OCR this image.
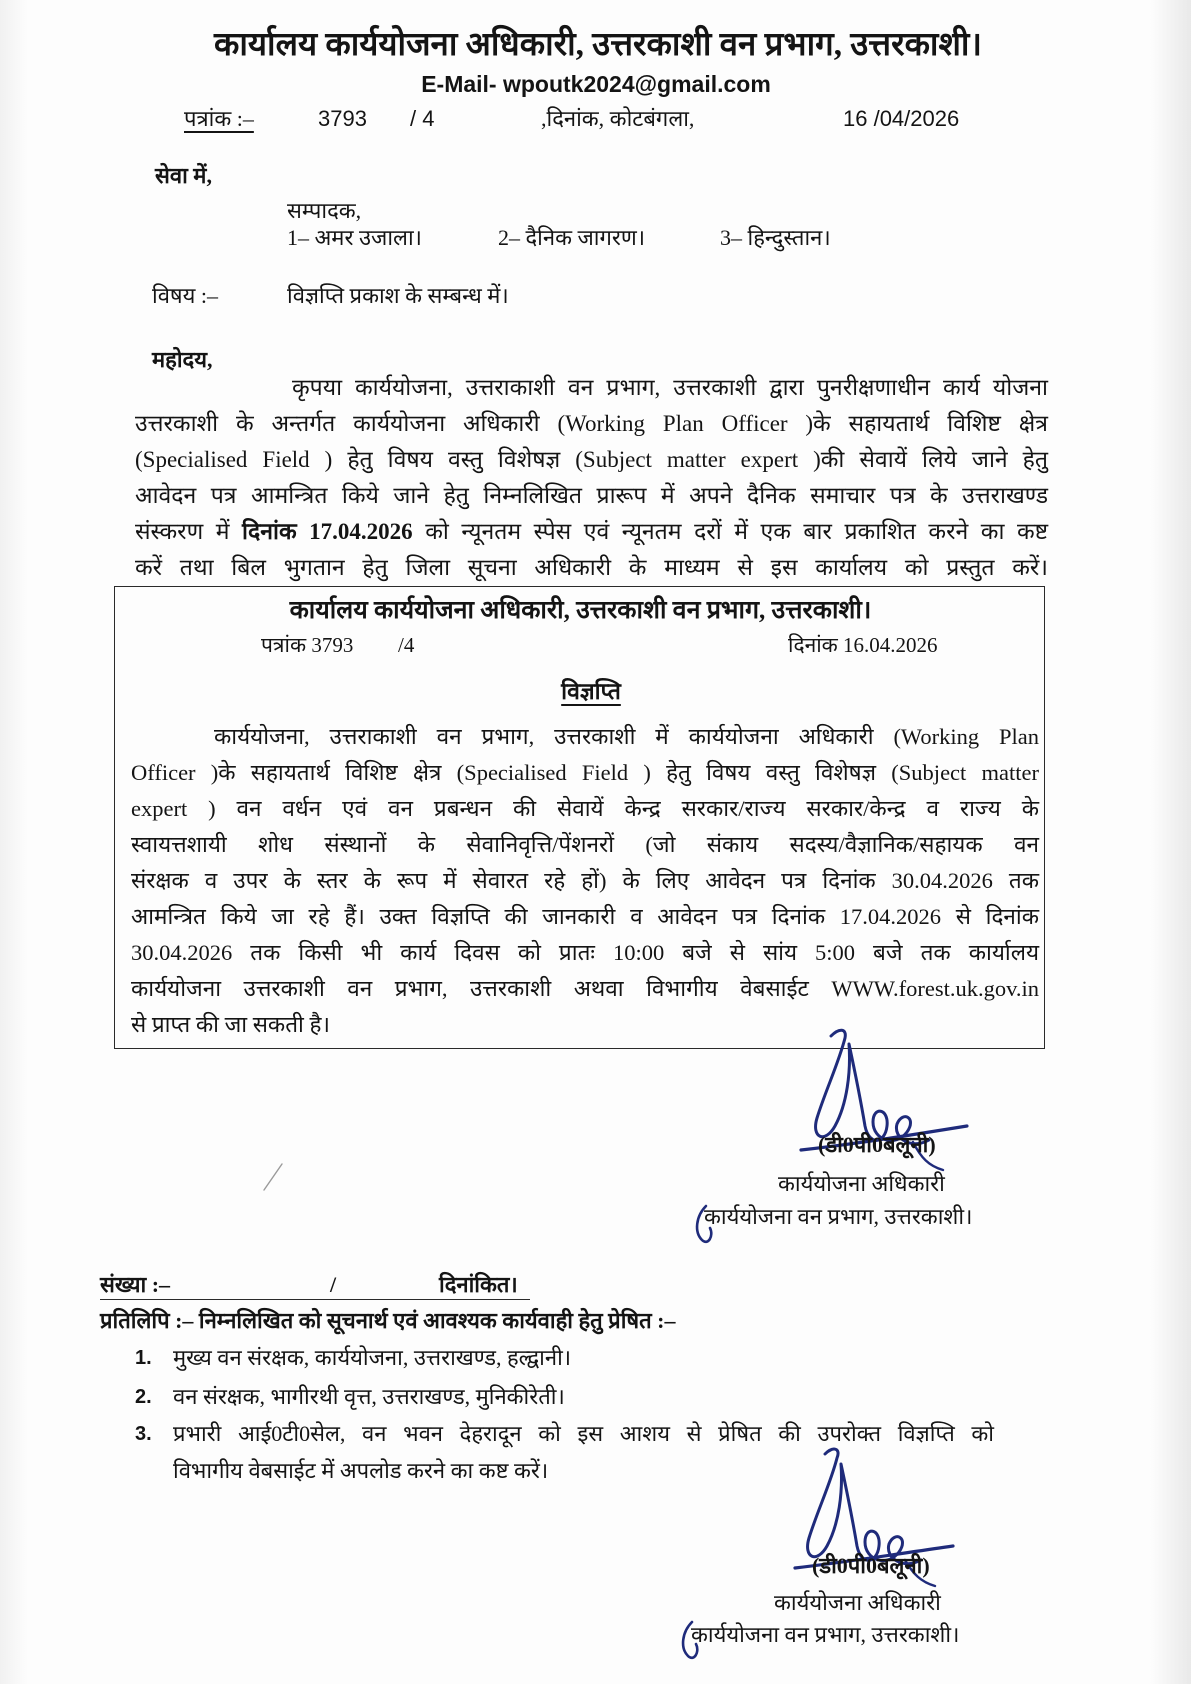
कार्यालय कार्ययोजना अधिकारी, उत्तरकाशी वन प्रभाग, उत्तरकाशी।
E-Mail- wpoutk2024@gmail.com
पत्रांक :–	3793 / 4	,दिनांक, कोटबंगला,	16 /04/2026
सेवा में,
सम्पादक,
1– अमर उजाला।	2– दैनिक जागरण।	3– हिन्दुस्तान।
विषय :–	विज्ञप्ति प्रकाश के सम्बन्ध में।
महोदय,
कृपया कार्ययोजना, उत्तराकाशी वन प्रभाग, उत्तरकाशी द्वारा पुनरीक्षणाधीन कार्य योजना
उत्तरकाशी के अन्तर्गत कार्ययोजना अधिकारी (Working Plan Officer )के सहायतार्थ विशिष्ट क्षेत्र
(Specialised Field ) हेतु विषय वस्तु विशेषज्ञ (Subject matter expert )की सेवायें लिये जाने हेतु
आवेदन पत्र आमन्त्रित किये जाने हेतु निम्नलिखित प्रारूप में अपने दैनिक समाचार पत्र के उत्तराखण्ड
संस्करण में दिनांक 17.04.2026 को न्यूनतम स्पेस एवं न्यूनतम दरों में एक बार प्रकाशित करने का कष्ट
करें तथा बिल भुगतान हेतु जिला सूचना अधिकारी के माध्यम से इस कार्यालय को प्रस्तुत करें।
कार्यालय कार्ययोजना अधिकारी, उत्तरकाशी वन प्रभाग, उत्तरकाशी।
पत्रांक 3793 /4	दिनांक 16.04.2026
विज्ञप्ति
कार्ययोजना, उत्तराकाशी वन प्रभाग, उत्तरकाशी में कार्ययोजना अधिकारी (Working Plan
Officer )के सहायतार्थ विशिष्ट क्षेत्र (Specialised Field ) हेतु विषय वस्तु विशेषज्ञ (Subject matter
expert ) वन वर्धन एवं वन प्रबन्धन की सेवायें केन्द्र सरकार/राज्य सरकार/केन्द्र व राज्य के
स्वायत्तशायी शोध संस्थानों के सेवानिवृत्ति/पेंशनरों (जो संकाय सदस्य/वैज्ञानिक/सहायक वन
संरक्षक व उपर के स्तर के रूप में सेवारत रहे हों) के लिए आवेदन पत्र दिनांक 30.04.2026 तक
आमन्त्रित किये जा रहे हैं। उक्त विज्ञप्ति की जानकारी व आवेदन पत्र दिनांक 17.04.2026 से दिनांक
30.04.2026 तक किसी भी कार्य दिवस को प्रातः 10:00 बजे से सांय 5:00 बजे तक कार्यालय
कार्ययोजना उत्तरकाशी वन प्रभाग, उत्तरकाशी अथवा विभागीय वेबसाईट WWW.forest.uk.gov.in
से प्राप्त की जा सकती है।
(डी0पी0बलूनी)
कार्ययोजना अधिकारी
कार्ययोजना वन प्रभाग, उत्तरकाशी।
संख्या :–	/	दिनांकित।
प्रतिलिपि :– निम्नलिखित को सूचनार्थ एवं आवश्यक कार्यवाही हेतु प्रेषित :–
1. मुख्य वन संरक्षक, कार्ययोजना, उत्तराखण्ड, हल्द्वानी।
2. वन संरक्षक, भागीरथी वृत्त, उत्तराखण्ड, मुनिकीरेती।
3. प्रभारी आई0टी0सेल, वन भवन देहरादून को इस आशय से प्रेषित की उपरोक्त विज्ञप्ति को
विभागीय वेबसाईट में अपलोड करने का कष्ट करें।
(डी0पी0बलूनी)
कार्ययोजना अधिकारी
कार्ययोजना वन प्रभाग, उत्तरकाशी।
